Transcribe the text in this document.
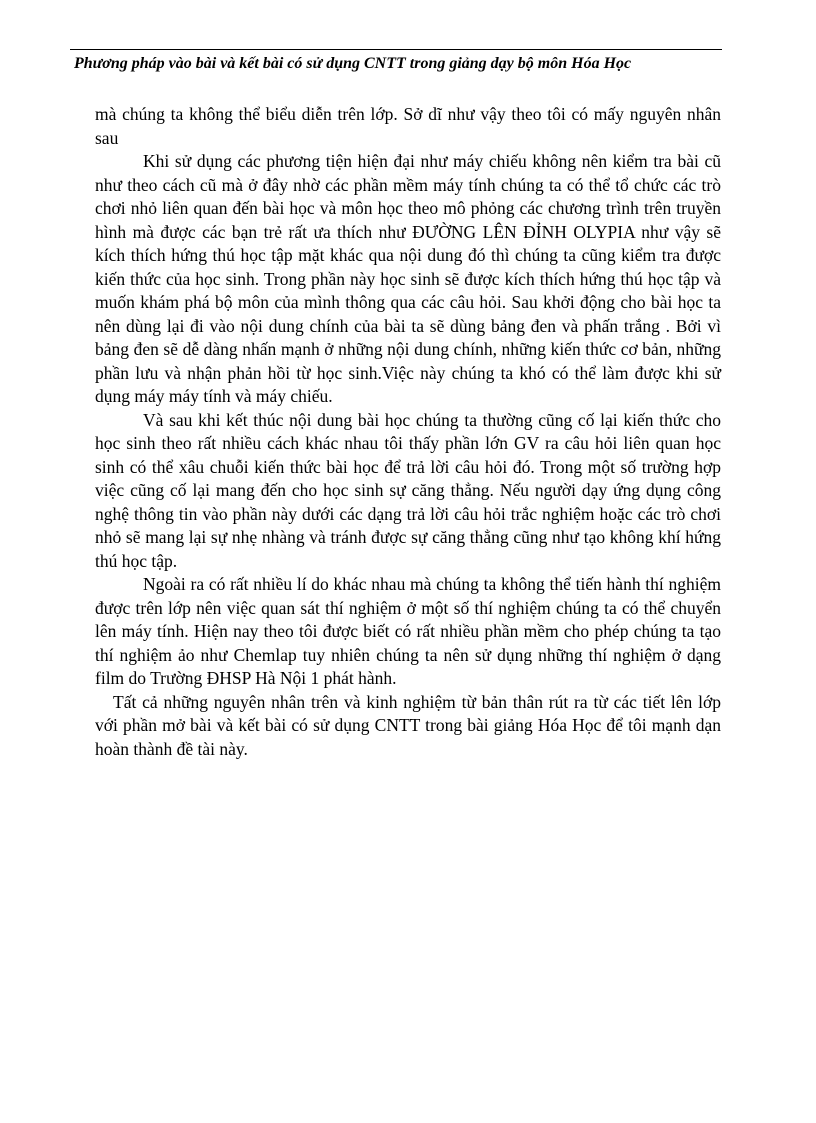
Phương pháp vào bài và kết bài có sử dụng CNTT trong giảng dạy bộ môn Hóa Học

mà chúng ta không thể biểu diễn trên lớp. Sở dĩ như vậy theo tôi có mấy nguyên nhân sau

Khi sử dụng các phương tiện hiện đại như máy chiếu không nên kiểm tra bài cũ như theo cách cũ mà ở đây nhờ các phần mềm máy tính chúng ta có thể tổ chức các trò chơi nhỏ liên quan đến bài học và môn học theo mô phỏng các chương trình trên truyền hình mà được các bạn trẻ rất ưa thích như ĐƯỜNG LÊN ĐỈNH OLYPIA như vậy sẽ kích thích hứng thú học tập mặt khác qua nội dung đó thì chúng ta cũng kiểm tra được kiến thức của học sinh. Trong phần này học sinh sẽ được kích thích hứng thú học tập và muốn khám phá bộ môn của mình thông qua các câu hỏi. Sau khởi động cho bài học ta nên dùng lại đi vào nội dung chính của bài ta sẽ dùng bảng đen và phấn trắng . Bởi vì bảng đen sẽ dễ dàng nhấn mạnh ở những nội dung chính, những kiến thức cơ bản, những phần lưu và nhận phản hồi từ học sinh.Việc này chúng ta khó có thể làm được khi sử dụng máy máy tính và máy chiếu.

Và sau khi kết thúc nội dung bài học chúng ta thường cũng cố lại kiến thức cho học sinh theo rất nhiều cách khác nhau tôi thấy phần lớn GV ra câu hỏi liên quan học sinh có thể xâu chuỗi kiến thức bài học để trả lời câu hỏi đó. Trong một số trường hợp việc cũng cố lại mang đến cho học sinh sự căng thẳng. Nếu người dạy ứng dụng công nghệ thông tin vào phần này dưới các dạng trả lời câu hỏi trắc nghiệm hoặc các trò chơi nhỏ sẽ mang lại sự nhẹ nhàng và tránh được sự căng thẳng cũng như tạo không khí hứng thú học tập.

Ngoài ra có rất nhiều lí do khác nhau mà chúng ta không thể tiến hành thí nghiệm được trên lớp nên việc quan sát thí nghiệm ở một số thí nghiệm chúng ta có thể chuyển lên máy tính. Hiện nay theo tôi được biết có rất nhiều phần mềm cho phép chúng ta tạo thí nghiệm ảo như Chemlap tuy nhiên chúng ta nên sử dụng những thí nghiệm ở dạng film do Trường ĐHSP Hà Nội 1 phát hành.

Tất cả những nguyên nhân trên và kinh nghiệm từ bản thân rút ra từ các tiết lên lớp với phần mở bài và kết bài có sử dụng CNTT trong bài giảng Hóa Học để tôi mạnh dạn hoàn thành đề tài này.
